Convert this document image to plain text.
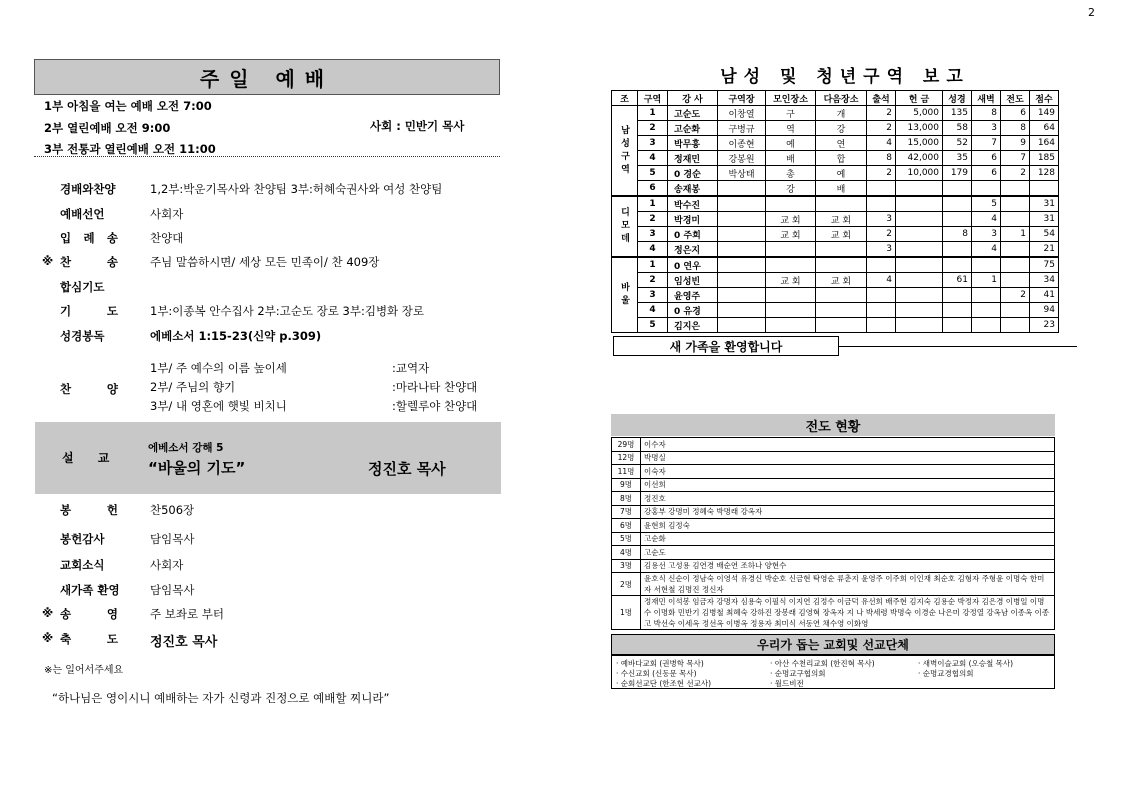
2
주일 예배
1부 아침을 여는 예배 오전 7:00
2부 열린예배 오전 9:00
3부 전통과 열린예배 오전 11:00
사회 : 민반기 목사
경배와찬양	1,2부:박운기목사와 찬양팀 3부:허혜숙권사와 여성 찬양팀
예배선언	사회자
입 례 송	찬양대
※ 찬 송	주님 말씀하시면/ 세상 모든 민족이/ 찬 409장
합심기도
기 도	1부:이종복 안수집사 2부:고순도 장로 3부:김병화 장로
성경봉독	에베소서 1:15-23(신약 p.309)
찬 양
1부/ 주 예수의 이름 높이세	:교역자
2부/ 주님의 향기	:마라나타 찬양대
3부/ 내 영혼에 햇빛 비치니	:할렐루야 찬양대
설 교
에베소서 강해 5
“바울의 기도”	정진호 목사
봉 헌	찬506장
봉헌감사	담임목사
교회소식	사회자
새가족 환영	담임목사
※ 송 영	주 보좌로 부터
※ 축 도	정진호 목사
※는 일어서주세요
“하나님은 영이시니 예배하는 자가 신령과 진정으로 예배할 찌니라”
남성 및 청년구역 보고
조	구역	강 사	구역장	모인장소	다음장소	출석	헌 금	성경	새벽	전도	점수
남성구역	1	고순도	이창열	구	개	2	5,000	135	8	6	149
	2	고순화	구병규	역	강	2	13,000	58	3	8	64
	3	박무흥	이종현	예	연	4	15,000	52	7	9	164
	4	정재민	강봉원	배	합	8	42,000	35	6	7	185
	5	0 경순	박상태	총	예	2	10,000	179	6	2	128
	6	송재봉		강	배						
디모데	1	박수진							5		31
	2	박경미		교 회	교 회	3			4		31
	3	0 주희		교 회	교 회	2		8	3	1	54
	4	정은지				3			4		21
바울	1	0 연우									75
	2	임성빈		교 회	교 회	4		61	1		34
	3	윤영주								2	41
	4	0 유경									94
	5	김지은									23
새 가족을 환영합니다
전도 현황
29명	이수자
12명	박명실
11명	이숙자
9명	이선희
8명	정진호
7명	강홍부 강명미 정혜숙 박명래 강옥자
6명	윤현희 김정숙
5명	고순화
4명	고순도
3명	김용선 고성용 김연경 배순연 조하나 양현수
2명	윤호식 신순이 정남숙 이영석 유경신 박순호 신금현 탁영순 류춘지 윤영주 이주희 이인재 최순호 김형자 주형윤 이명숙 한미자 서현철 김명진 정신자
1명	정재민 이석봉 임금자 강명자 심용숙 이필식 이지연 김정수 이금덕 유선희 배주현 김지숙 김용순 박정자 김은경 이병일 이명수 이명화 민반기 김병철 최혜숙 강하진 장봉래 김영혁 장옥자 지 나 박세령 박명숙 이경순 나은미 강정열 강옥남 이종옥 이종고 박선숙 이세옥 정선옥 이병옥 정용자 최미식 서동연 채수영 이화영
우리가 돕는 교회및 선교단체
· 예바다교회 (권병학 목사)	· 아산 수천리교회 (한진혁 목사)	· 새벽이슬교회 (오승철 목사)
· 수신교회 (신동문 목사)	· 순명교구협의회	· 순명교경협의회
· 순회선교단 (한조현 선교사)	· 월드비전
